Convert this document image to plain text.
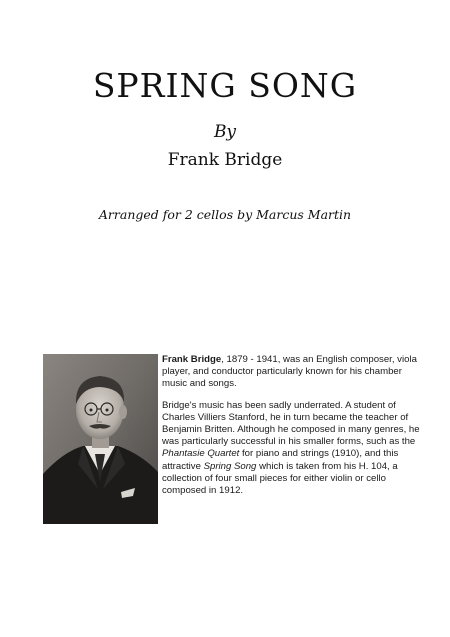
SPRING SONG
By
Frank Bridge
Arranged for 2 cellos by Marcus Martin

Frank Bridge, 1879 - 1941, was an English composer, viola player, and conductor particularly known for his chamber music and songs.

Bridge's music has been sadly underrated. A student of Charles Villiers Stanford, he in turn became the teacher of Benjamin Britten. Although he composed in many genres, he was particularly successful in his smaller forms, such as the Phantasie Quartet for piano and strings (1910), and this attractive Spring Song which is taken from his H. 104, a collection of four small pieces for either violin or cello composed in 1912.
